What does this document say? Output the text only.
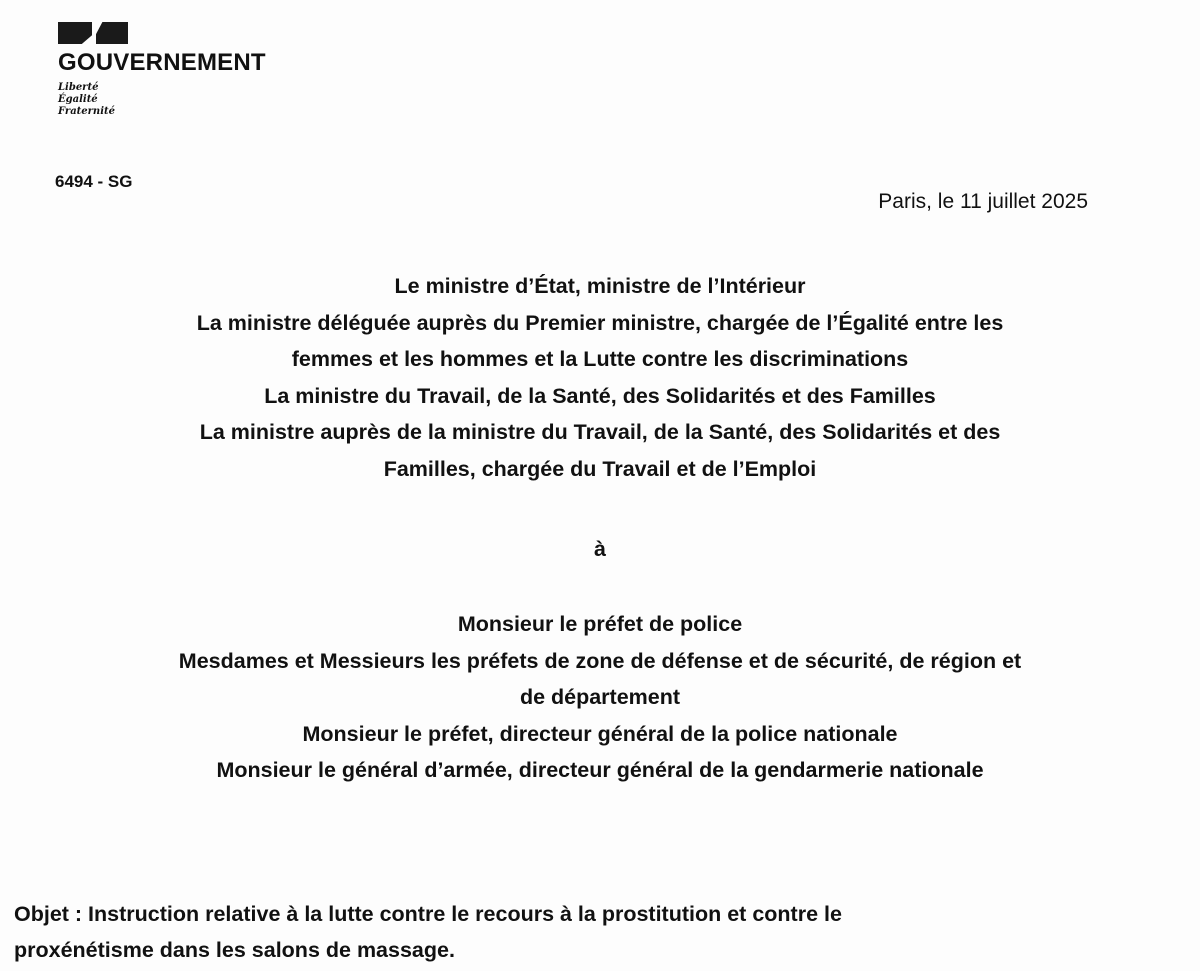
GOUVERNEMENT
Liberté
Égalité
Fraternité
6494 - SG
Paris, le 11 juillet 2025
Le ministre d’État, ministre de l’Intérieur
La ministre déléguée auprès du Premier ministre, chargée de l’Égalité entre les
femmes et les hommes et la Lutte contre les discriminations
La ministre du Travail, de la Santé, des Solidarités et des Familles
La ministre auprès de la ministre du Travail, de la Santé, des Solidarités et des
Familles, chargée du Travail et de l’Emploi
à
Monsieur le préfet de police
Mesdames et Messieurs les préfets de zone de défense et de sécurité, de région et
de département
Monsieur le préfet, directeur général de la police nationale
Monsieur le général d’armée, directeur général de la gendarmerie nationale
Objet : Instruction relative à la lutte contre le recours à la prostitution et contre le
proxénétisme dans les salons de massage.
